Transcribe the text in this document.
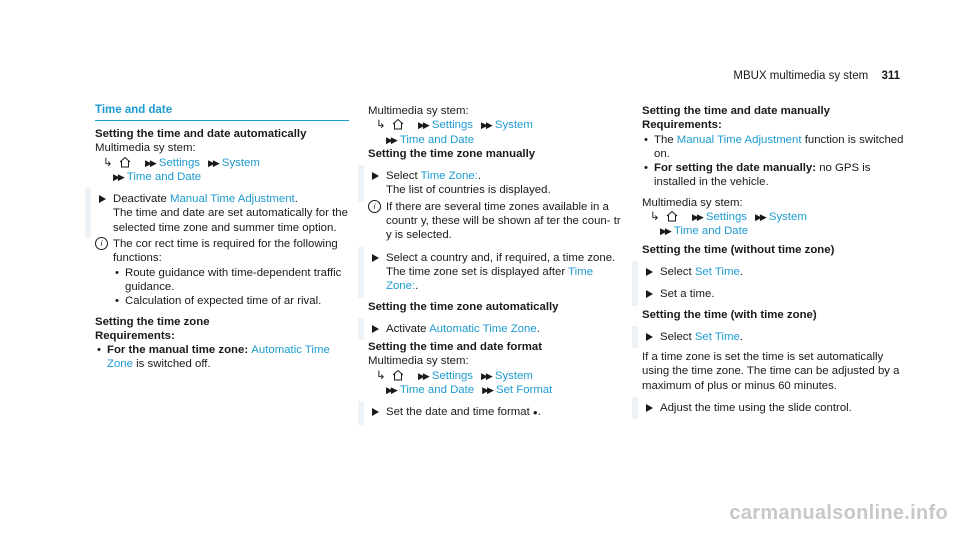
MBUX multimedia sy stem 311
Time and date
Setting the time and date automatically
Multimedia sy stem:
↳	▶▶ Settings ▶▶ System
▶▶ Time and Date
Deactivate Manual Time Adjustment.
The time and date are set automatically for the selected time zone and summer time option.
i The cor rect time is required for the following functions:
• Route guidance with time-dependent traffic guidance.
• Calculation of expected time of ar rival.
Setting the time zone
Requirements:
• For the manual time zone: Automatic Time Zone is switched off.
Multimedia sy stem:
↳	▶▶ Settings ▶▶ System
▶▶ Time and Date
Setting the time zone manually
Select Time Zone:.
The list of countries is displayed.
i If there are several time zones available in a countr y, these will be shown af ter the coun- tr y is selected.
Select a country and, if required, a time zone.
The time zone set is displayed after Time Zone:.
Setting the time zone automatically
Activate Automatic Time Zone.
Setting the time and date format
Multimedia sy stem:
↳	▶▶ Settings ▶▶ System
▶▶ Time and Date ▶▶ Set Format
Set the date and time format ●.
Setting the time and date manually
Requirements:
• The Manual Time Adjustment function is switched on.
• For setting the date manually: no GPS is installed in the vehicle.
Multimedia sy stem:
↳	▶▶ Settings ▶▶ System
▶▶ Time and Date
Setting the time (without time zone)
Select Set Time.
Set a time.
Setting the time (with time zone)
Select Set Time.
If a time zone is set the time is set automatically using the time zone. The time can be adjusted by a maximum of plus or minus 60 minutes.
Adjust the time using the slide control.
carmanualsonline.info
